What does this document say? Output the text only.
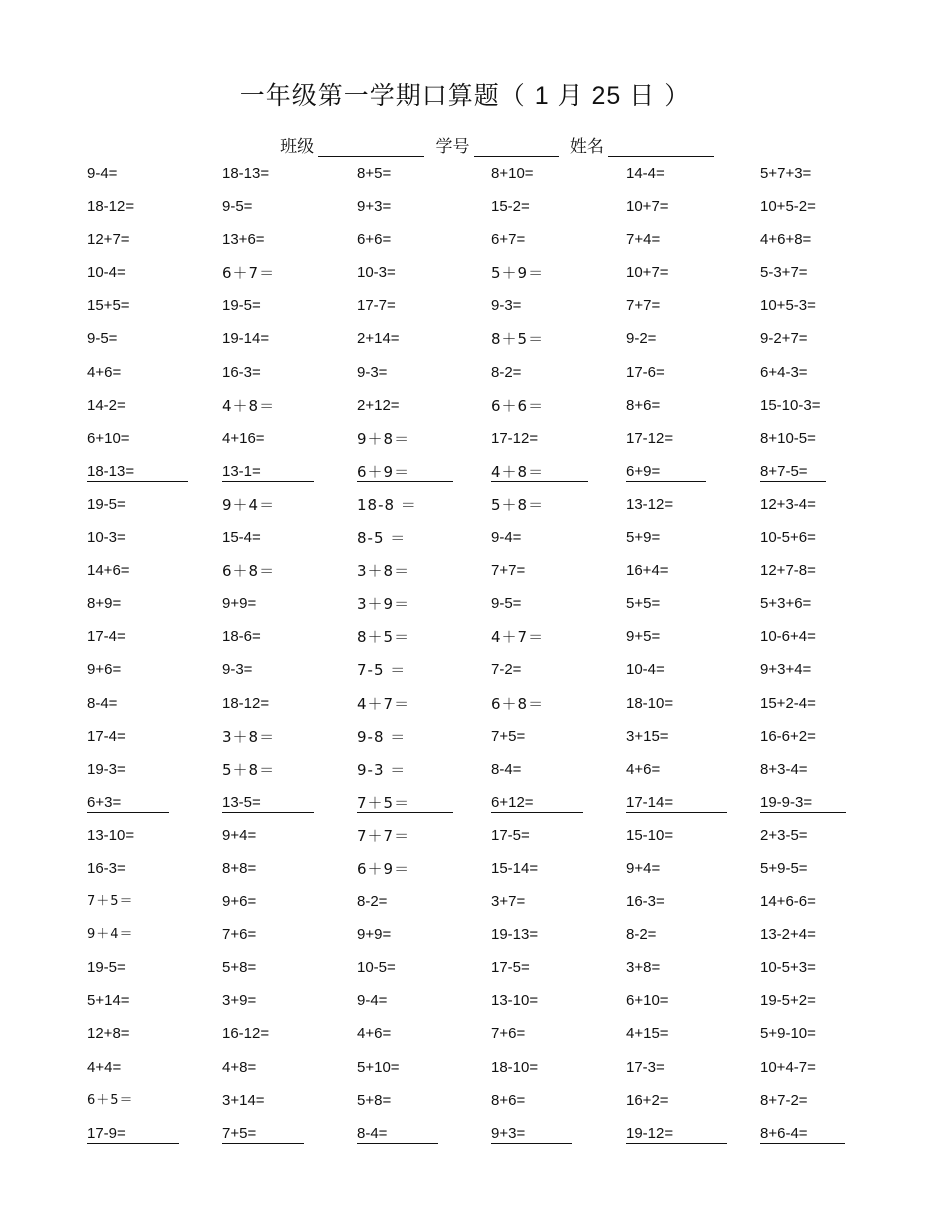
一年级第一学期口算题（ 1 月 25 日 ）
班级	学号	姓名
9-4=	18-13=	8+5=	8+10=	14-4=	5+7+3=
18-12=	9-5=	9+3=	15-2=	10+7=	10+5-2=
12+7=	13+6=	6+6=	6+7=	7+4=	4+6+8=
10-4=	6＋7＝	10-3=	5＋9＝	10+7=	5-3+7=
15+5=	19-5=	17-7=	9-3=	7+7=	10+5-3=
9-5=	19-14=	2+14=	8＋5＝	9-2=	9-2+7=
4+6=	16-3=	9-3=	8-2=	17-6=	6+4-3=
14-2=	4＋8＝	2+12=	6＋6＝	8+6=	15-10-3=
6+10=	4+16=	9＋8＝	17-12=	17-12=	8+10-5=
18-13=	13-1=	6＋9＝	4＋8＝	6+9=	8+7-5=
19-5=	9＋4＝	18-8 ＝	5＋8＝	13-12=	12+3-4=
10-3=	15-4=	8-5 ＝	9-4=	5+9=	10-5+6=
14+6=	6＋8＝	3＋8＝	7+7=	16+4=	12+7-8=
8+9=	9+9=	3＋9＝	9-5=	5+5=	5+3+6=
17-4=	18-6=	8＋5＝	4＋7＝	9+5=	10-6+4=
9+6=	9-3=	7-5 ＝	7-2=	10-4=	9+3+4=
8-4=	18-12=	4＋7＝	6＋8＝	18-10=	15+2-4=
17-4=	3＋8＝	9-8 ＝	7+5=	3+15=	16-6+2=
19-3=	5＋8＝	9-3 ＝	8-4=	4+6=	8+3-4=
6+3=	13-5=	7＋5＝	6+12=	17-14=	19-9-3=
13-10=	9+4=	7＋7＝	17-5=	15-10=	2+3-5=
16-3=	8+8=	6＋9＝	15-14=	9+4=	5+9-5=
7＋5＝	9+6=	8-2=	3+7=	16-3=	14+6-6=
9＋4＝	7+6=	9+9=	19-13=	8-2=	13-2+4=
19-5=	5+8=	10-5=	17-5=	3+8=	10-5+3=
5+14=	3+9=	9-4=	13-10=	6+10=	19-5+2=
12+8=	16-12=	4+6=	7+6=	4+15=	5+9-10=
4+4=	4+8=	5+10=	18-10=	17-3=	10+4-7=
6＋5＝	3+14=	5+8=	8+6=	16+2=	8+7-2=
17-9=	7+5=	8-4=	9+3=	19-12=	8+6-4=
